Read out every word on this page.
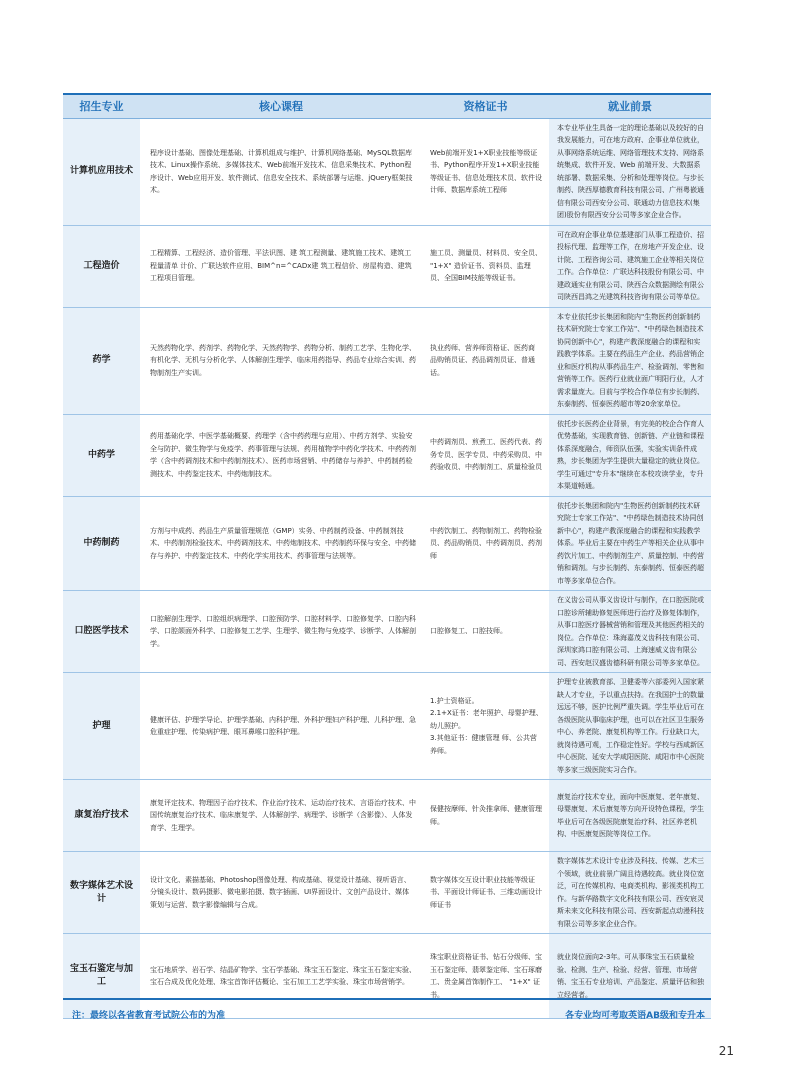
招生专业	核心课程	资格证书	就业前景
计算机应用技术	程序设计基础、图像处理基础、计算机组成与维护、计算机网络基础、MySQL数据库技术、Linux操作系统、多媒体技术、Web前端开发技术、信息采集技术、Python程序设计、Web应用开发、软件测试、信息安全技术、系统部署与运维、jQuery框架技术。	Web前端开发1+X职业技能等级证书、Python程序开发1+X职业技能等级证书、信息处理技术员、软件设计师、数据库系统工程师	本专业毕业生具备一定的理论基础以及较好的自我发展能力，可在地方政府、企事业单位就业，从事网络系统运维、网络管理技术支持、网络系统集成、软件开发、Web 前端开发、大数据系统部署、数据采集、分析和处理等岗位。与步长制药、陕西厚德教育科技有限公司、广州粤嵌通信有限公司西安分公司、联通动力信息技术(集团)股份有限西安分公司等多家企业合作。
工程造价	工程精算、工程经济、造价管理、平法识图、建 筑工程测量、建筑施工技术、建筑工程量清单 计价、广联达软件应用、BIM^n=^CADx建 筑工程信价、房屋构造、建筑工程项目管理。	施工员、测量员、材料员、安全员、 "1+X" 造价证书、资料员、监理员、全国BIM技能等级证书。	可在政府企事业单位基建部门从事工程造价、招投标代理、监理等工作，在房地产开发企业、设计院、工程咨询公司、建筑施工企业等相关岗位工作。合作单位：广联达科技股份有限公司、中建政通实业有限公司、陕西合众数据测绘有限公司陕西昌鸿之光建筑科技咨询有限公司等单位。
药学	天然药物化学、药剂学、药物化学、天然药物学、药物分析、制药工艺学、生物化学、有机化学、无机与分析化学、人体解剖生理学、临床用药指导、药品专业综合实训、药物制剂生产实训。	执业药师、营养师资格证、医药商 品购销员证、药品调剂员证、普通话。	本专业依托步长集团和院内"生物医药创新制药技术研究院士专家工作站"、"中药绿色制造技术协同创新中心"，构建产教深度融合的课程和实践教学体系。主要在药品生产企业、药品营销企业和医疗机构从事药品生产、检验调剂、零售和营销等工作。医药行业就业面广明阳行业，人才需求量庞大。目前与学校合作单位有步长制药、东泰制药、恒泰医药超市等20余家单位。
中药学	药用基础化学、中医学基础概要、药理学（含中药药理与应用）、中药方剂学、实验安全与防护、微生物学与免疫学、药事管理与法规、药用植物学中药化学技术、中药药剂学（含中药调剂技术和中药制剂技术）、医药市场营销、中药储存与养护、中药制药检测技术、中药鉴定技术、中药炮制技术。	中药调剂员、煎煮工、医药代表、药务专员、医学专员、中药采购员、中药验收员、中药制剂工、质量检验员	依托步长医药企业背景，有完美的校企合作育人优势基础，实现教育链、创新链、产业链和课程体系深度融合，师资队伍强，实验实训条件成熟，步长集团为学生提供大量稳定的就业岗位。学生可通过"专升本"继续在本校攻读学业，专升本渠道畅通。
中药制药	方剂与中成药、药品生产质量管理规范（GMP）实务、中药制药设备、中药制剂技术、中药制剂检验技术、中药调剂技术、中药炮制技术、中药制药环保与安全、中药储存与养护、中药鉴定技术、中药化学实用技术、药事管理与法规等。	中药饮制工、药物制剂工、药物检验员、药品购销员、中药调剂员、药剂师	依托步长集团和院内"生物医药创新制药技术研究院士专家工作站"、"中药绿色制造技术协同创新中心"，构建产教深度融合的课程和实践教学体系。毕业后主要在中药生产等相关企业从事中药饮片加工、中药制剂生产、质量控制、中药营销和调剂。与步长制药、东泰制药、恒泰医药超市等多家单位合作。
口腔医学技术	口腔解剖生理学、口腔组织病理学、口腔预防学、口腔材料学、口腔修复学、口腔内科学、口腔颌面外科学、口腔修复工艺学、生理学、微生物与免疫学、诊断学、人体解剖学。	口腔修复工、口腔技师。	在义齿公司从事义齿设计与制作，在口腔医院或口腔诊所辅助修复医师进行治疗及修复体制作，从事口腔医疗器械营销和管理及其他医药相关的岗位。合作单位：珠海嘉茂义齿科技有限公司、深圳家鸿口腔有限公司、上海速威义齿有限公司、西安赵汉盛齿德科研有限公司等多家单位。
护理	健康评估、护理学导论、护理学基础、内科护理、外科护理妇产科护理、儿科护理、急危重症护理、传染病护理、眼耳鼻喉口腔科护理。	1.护士资格证。
2.1+X证书：老年照护、母婴护理、幼儿照护。
3.其他证书：健康管理 师、公共营养师。	护理专业被教育部、卫健委等六部委列入国家紧缺人才专业，予以重点扶持。在我国护士的数量远远不够，医护比例严重失调。学生毕业后可在各级医院从事临床护理，也可以在社区卫生服务中心、养老院、康复机构等工作。行业缺口大，就岗待遇可观，工作稳定性好。学校与西咸新区中心医院、延安大学咸阳医院、咸阳市中心医院等多家三级医院实习合作。
康复治疗技术	康复评定技术、物理因子治疗技术、作业治疗技术、运动治疗技术、言语治疗技术、中国传统康复治疗技术、临床康复学、人体解剖学、病理学、诊断学（含影像）、人体发育学、生理学。	保健按摩师、针灸推拿师、健康管理师。	康复治疗技术专业，面向中医康复、老年康复、母婴康复、术后康复等方向开设特色课程，学生毕业后可在各级医院康复治疗科、社区养老机构、中医康复医院等岗位工作。
数字媒体艺术设计	设计文化、素描基础、Photoshop图像处理、构成基础、视觉设计基础、视听语言、分镜头设计、数码摄影、微电影拍摄、数字插画、UI界面设计、文创产品设计、媒体策划与运营、数字影像编辑与合成。	数字媒体交互设计职业技能等级证书、平面设计师证书、三维动画设计师证书	数字媒体艺术设计专业涉及科技、传媒、艺术三个领域，就业前景广阔且待遇较高。就业岗位宽泛，可在传媒机构、电商类机构、影视类机构工作。与新华路数字文化科技有限公司、西安宸灵斯未来文化科技有限公司、西安新起点动漫科技有限公司等多家企业合作。
宝玉石鉴定与加工	宝石地质学、岩石学、结晶矿物学、宝石学基础、珠宝玉石鉴定、珠宝玉石鉴定实验、宝石合成及优化处理、珠宝首饰评估概论、宝石加工工艺学实验、珠宝市场营销学。	珠宝职业资格证书、钻石分级师、宝玉石鉴定师、翡翠鉴定师、宝石琢磨工、贵金属首饰制作工、 "1+X" 证书。	就业岗位面向2-3年。可从事珠宝玉石质量检验、检测、生产、检验、经营、管理、市场营销、宝玉石专业培训、产品鉴定、质量评估和独立经营者。
注：最终以各省教育考试院公布的为准	各专业均可考取英语AB级和专升本
21
